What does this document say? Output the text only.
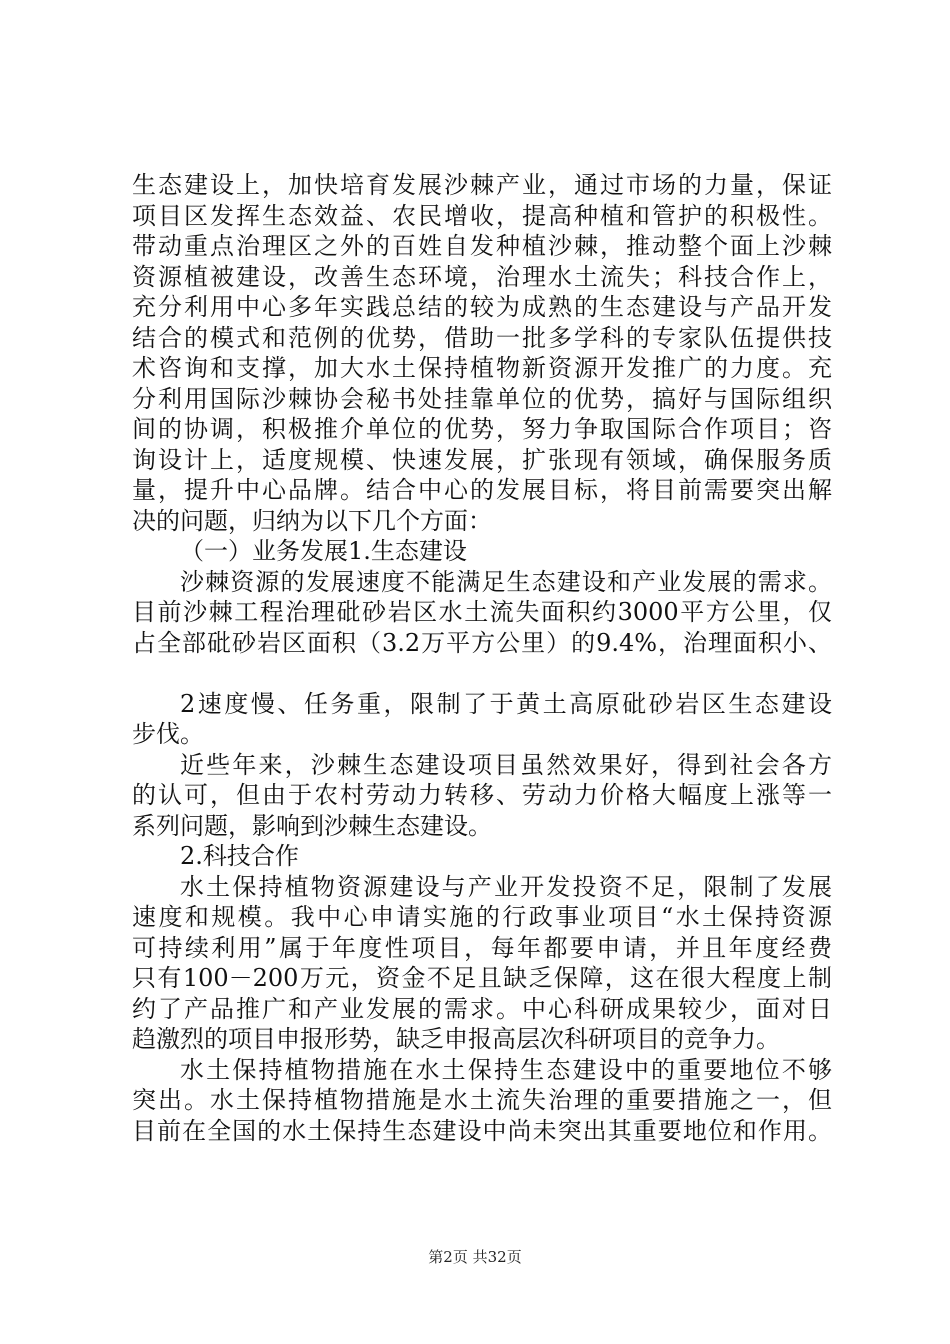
生态建设上，加快培育发展沙棘产业，通过市场的力量，保证
项目区发挥生态效益、农民增收，提高种植和管护的积极性。
带动重点治理区之外的百姓自发种植沙棘，推动整个面上沙棘
资源植被建设，改善生态环境，治理水土流失；科技合作上，
充分利用中心多年实践总结的较为成熟的生态建设与产品开发
结合的模式和范例的优势，借助一批多学科的专家队伍提供技
术咨询和支撑，加大水土保持植物新资源开发推广的力度。充
分利用国际沙棘协会秘书处挂靠单位的优势，搞好与国际组织
间的协调，积极推介单位的优势，努力争取国际合作项目；咨
询设计上，适度规模、快速发展，扩张现有领域，确保服务质
量，提升中心品牌。结合中心的发展目标，将目前需要突出解
决的问题，归纳为以下几个方面：
（一）业务发展1.生态建设
沙棘资源的发展速度不能满足生态建设和产业发展的需求。
目前沙棘工程治理砒砂岩区水土流失面积约3000平方公里，仅
占全部砒砂岩区面积（3.2万平方公里）的9.4%，治理面积小、
2速度慢、任务重，限制了于黄土高原砒砂岩区生态建设
步伐。
近些年来，沙棘生态建设项目虽然效果好，得到社会各方
的认可，但由于农村劳动力转移、劳动力价格大幅度上涨等一
系列问题，影响到沙棘生态建设。
2.科技合作
水土保持植物资源建设与产业开发投资不足，限制了发展
速度和规模。我中心申请实施的行政事业项目“水土保持资源
可持续利用”属于年度性项目，每年都要申请，并且年度经费
只有100－200万元，资金不足且缺乏保障，这在很大程度上制
约了产品推广和产业发展的需求。中心科研成果较少，面对日
趋激烈的项目申报形势，缺乏申报高层次科研项目的竞争力。
水土保持植物措施在水土保持生态建设中的重要地位不够
突出。水土保持植物措施是水土流失治理的重要措施之一，但
目前在全国的水土保持生态建设中尚未突出其重要地位和作用。
第2页 共32页
